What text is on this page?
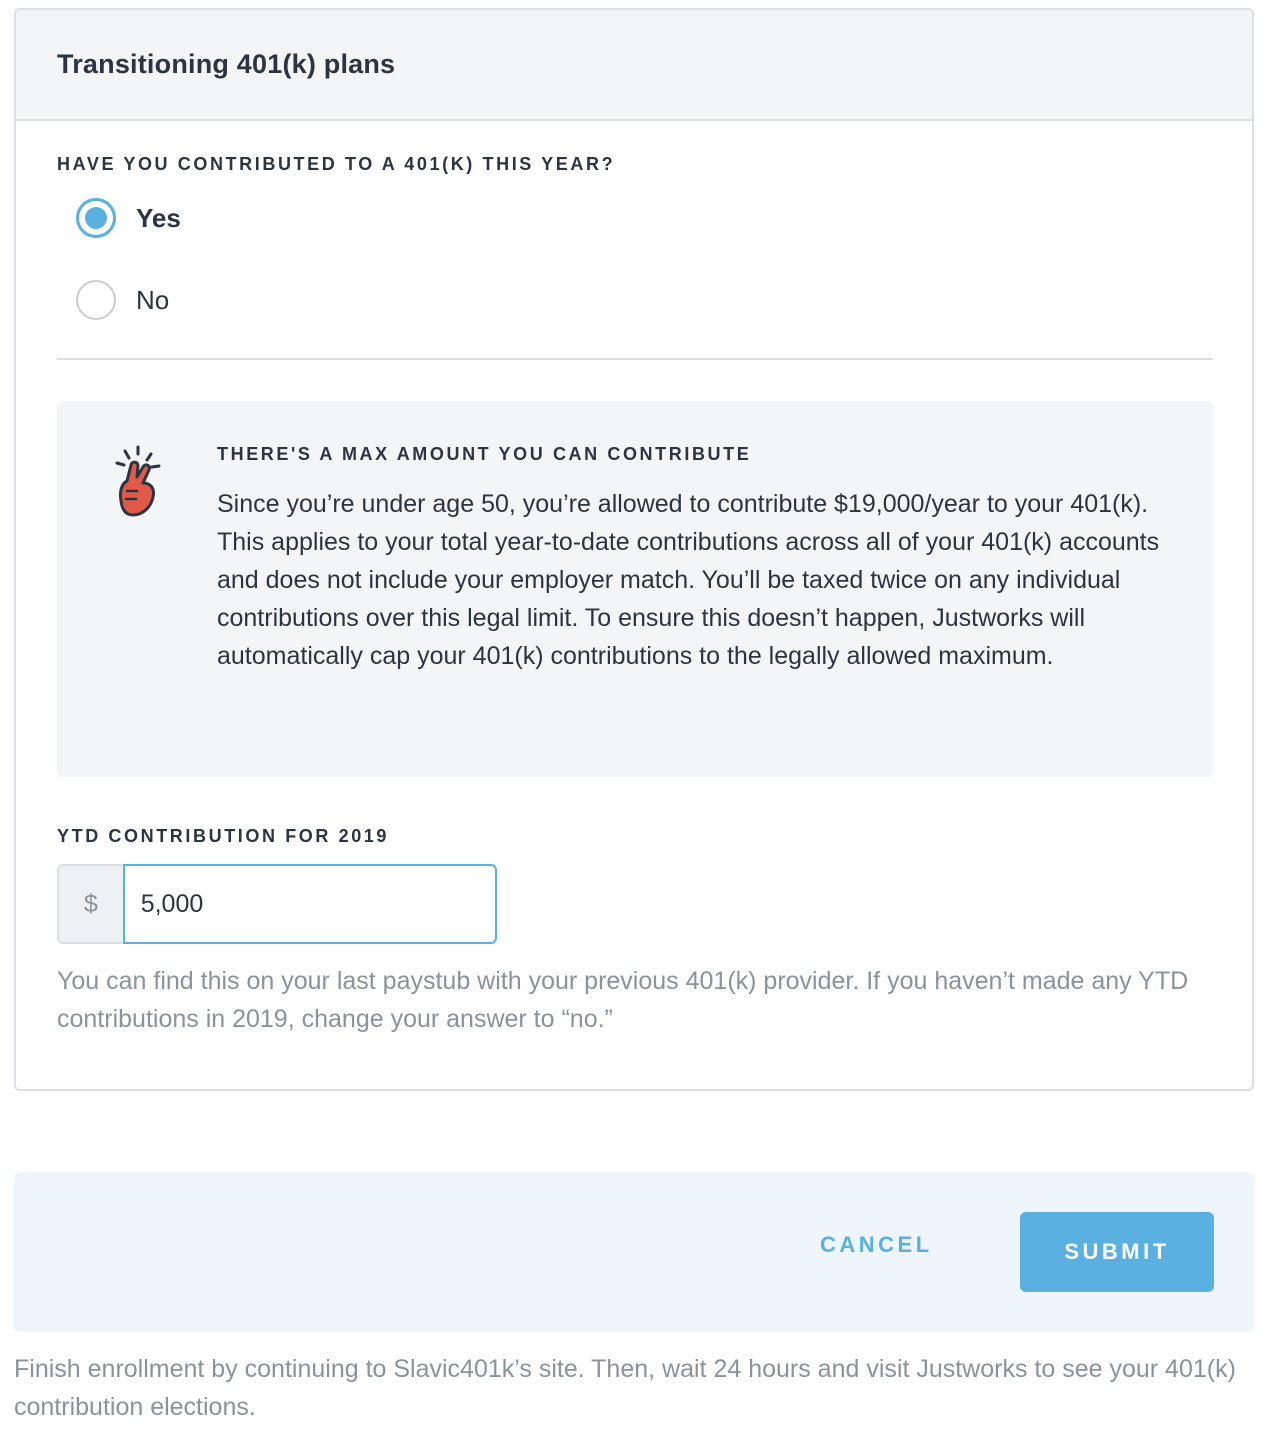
Transitioning 401(k) plans
HAVE YOU CONTRIBUTED TO A 401(K) THIS YEAR?
Yes
No
THERE'S A MAX AMOUNT YOU CAN CONTRIBUTE
Since you’re under age 50, you’re allowed to contribute $19,000/year to your 401(k). This applies to your total year-to-date contributions across all of your 401(k) accounts and does not include your employer match. You’ll be taxed twice on any individual contributions over this legal limit. To ensure this doesn’t happen, Justworks will automatically cap your 401(k) contributions to the legally allowed maximum.
YTD CONTRIBUTION FOR 2019
$
5,000
You can find this on your last paystub with your previous 401(k) provider. If you haven’t made any YTD contributions in 2019, change your answer to “no.”
CANCEL	SUBMIT
Finish enrollment by continuing to Slavic401k’s site. Then, wait 24 hours and visit Justworks to see your 401(k) contribution elections.
